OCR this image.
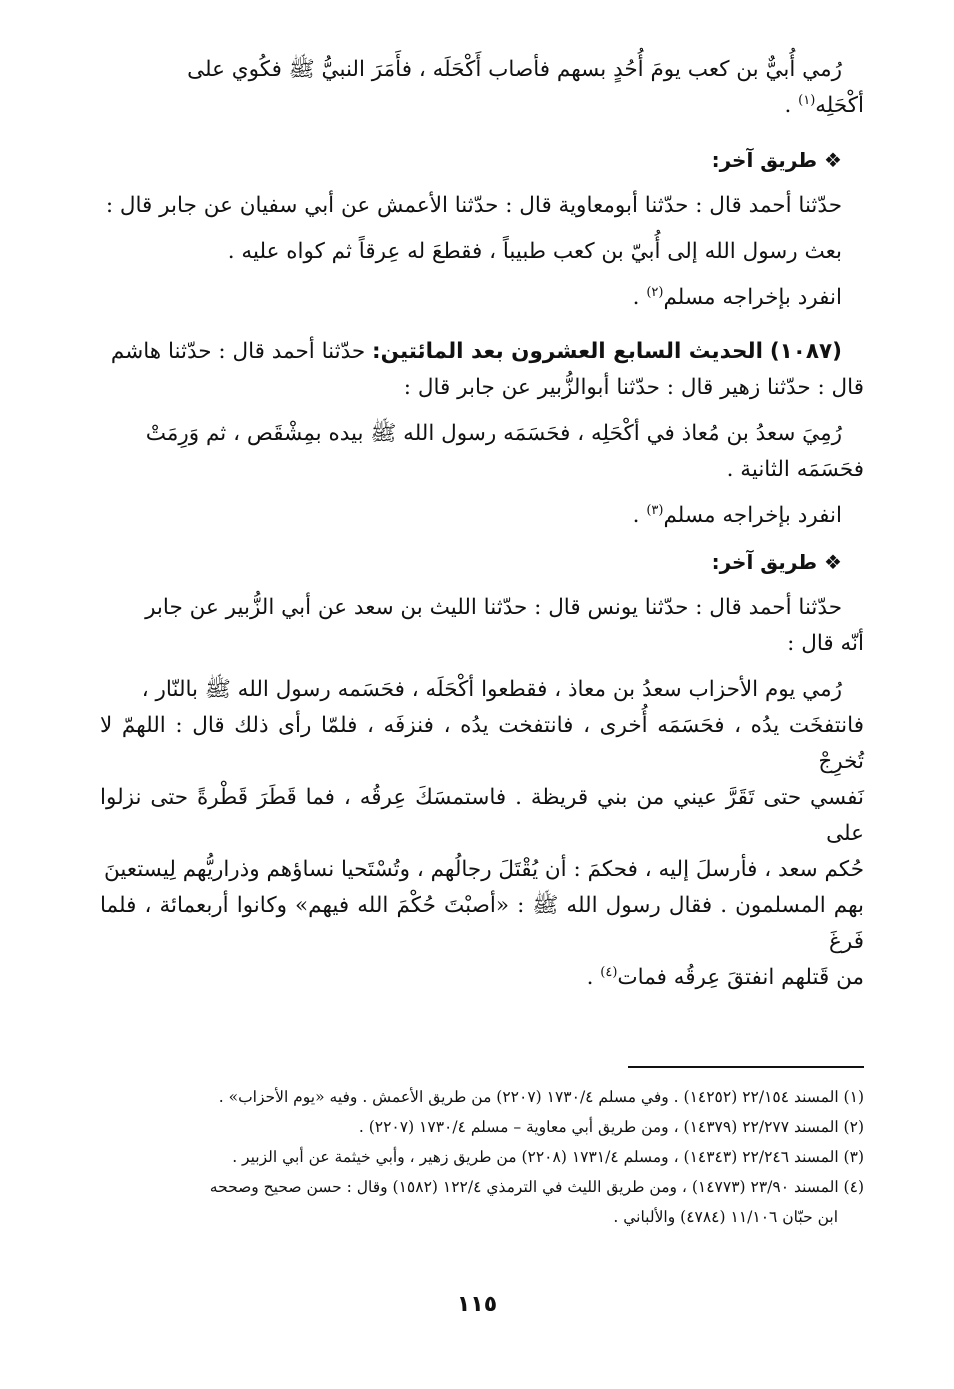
رُمي أُبيٌّ بن كعب يومَ أُحُدٍ بسهم فأصاب أَكْحَلَه ، فأَمَرَ النبيُّ ﷺ فكُوي على

أكْحَلِه$^{(١)}$ .

❖ طريق آخر:

حدّثنا أحمد قال : حدّثنا أبومعاوية قال : حدّثنا الأعمش عن أبي سفيان عن جابر قال :

بعث رسول الله إلى أُبيّ بن كعب طبيباً ، فقطعَ له عِرقاً ثم كواه عليه .

انفرد بإخراجه مسلم$^{(٢)}$ .

(١٠٨٧) الحديث السابع العشرون بعد المائتين: حدّثنا أحمد قال : حدّثنا هاشم

قال : حدّثنا زهير قال : حدّثنا أبوالزُّبير عن جابر قال :

رُمِيَ سعدُ بن مُعاذ في أكْحَلِه ، فحَسَمَه رسول الله ﷺ بيده بمِشْقَص ، ثم وَرِمَتْ

فحَسَمَه الثانية .

انفرد بإخراجه مسلم$^{(٣)}$ .

❖ طريق آخر:

حدّثنا أحمد قال : حدّثنا يونس قال : حدّثنا الليث بن سعد عن أبي الزُّبير عن جابر

أنّه قال :

رُمي يوم الأحزاب سعدُ بن معاذ ، فقطعوا أكْحَلَه ، فحَسَمه رسول الله ﷺ بالنّار ،

فانتفخَت يدُه ، فحَسَمَه أُخرى ، فانتفخت يدُه ، فنزفَه ، فلمّا رأى ذلك قال : اللهمّ لا تُخرِجْ

نَفسي حتى تَقَرَّ عيني من بني قريظة . فاستمسَكَ عِرقُه ، فما قَطَرَ قَطْرةً حتى نزلوا على

حُكم سعد ، فأرسلَ إليه ، فحكمَ : أن يُقْتَلَ رجالُهم ، وتُسْتَحيا نساؤهم وذراريُّهم لِيستعينَ

بهم المسلمون . فقال رسول الله ﷺ : «أصبْتَ حُكْمَ الله فيهم» وكانوا أربعمائة ، فلما فَرغَ

من قَتلهم انفتقَ عِرقُه فمات$^{(٤)}$ .

(١) المسند ٢٢/١٥٤ (١٤٢٥٢) . وفي مسلم ١٧٣٠/٤ (٢٢٠٧) من طريق الأعمش . وفيه «يوم الأحزاب» .

(٢) المسند ٢٢/٢٧٧ (١٤٣٧٩) ، ومن طريق أبي معاوية – مسلم ١٧٣٠/٤ (٢٢٠٧) .

(٣) المسند ٢٢/٢٤٦ (١٤٣٤٣) ، ومسلم ١٧٣١/٤ (٢٢٠٨) من طريق زهير ، وأبي خيثمة عن أبي الزبير .

(٤) المسند ٢٣/٩٠ (١٤٧٧٣) ، ومن طريق الليث في الترمذي ١٢٢/٤ (١٥٨٢) وقال : حسن صحيح وصححه

ابن حبّان ١١/١٠٦ (٤٧٨٤) والألباني .

١١٥
